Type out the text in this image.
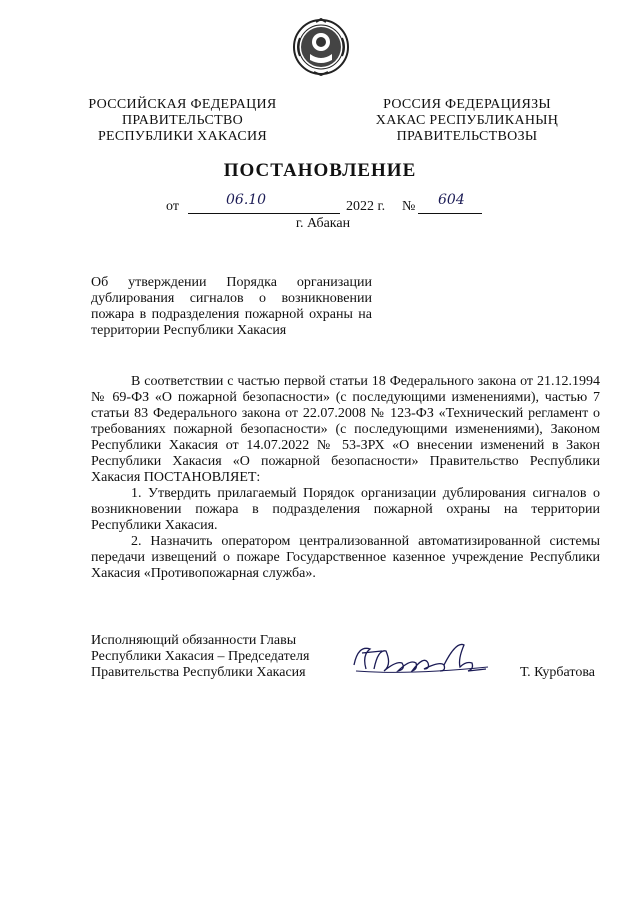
РОССИЙСКАЯ ФЕДЕРАЦИЯ
ПРАВИТЕЛЬСТВО
РЕСПУБЛИКИ ХАКАСИЯ
РОССИЯ ФЕДЕРАЦИЯЗЫ
ХАКАС РЕСПУБЛИКАНЫҢ
ПРАВИТЕЛЬСТВОЗЫ
ПОСТАНОВЛЕНИЕ
от	06.10	2022 г. № 604
г. Абакан
Об утверждении Порядка организации дублирования сигналов о возникновении пожара в подразделения пожарной охраны на территории Республики Хакасия

В соответствии с частью первой статьи 18 Федерального закона от 21.12.1994 № 69-ФЗ «О пожарной безопасности» (с последующими изменениями), частью 7 статьи 83 Федерального закона от 22.07.2008 № 123-ФЗ «Технический регламент о требованиях пожарной безопасности» (с последующими изменениями), Законом Республики Хакасия от 14.07.2022 № 53-ЗРХ «О внесении изменений в Закон Республики Хакасия «О пожарной безопасности» Правительство Республики Хакасия ПОСТАНОВЛЯЕТ:

1. Утвердить прилагаемый Порядок организации дублирования сигналов о возникновении пожара в подразделения пожарной охраны на территории Республики Хакасия.

2. Назначить оператором централизованной автоматизированной системы передачи извещений о пожаре Государственное казенное учреждение Республики Хакасия «Противопожарная служба».

Исполняющий обязанности Главы
Республики Хакасия – Председателя
Правительства Республики Хакасия	Т. Курбатова
